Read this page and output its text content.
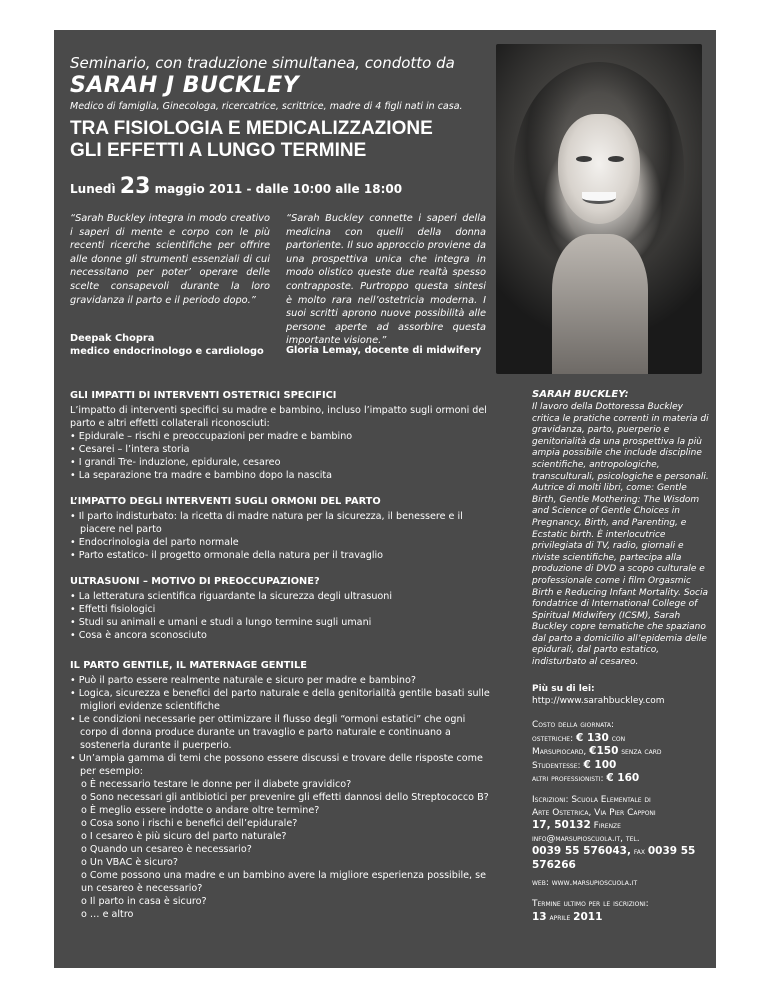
Seminario, con traduzione simultanea, condotto da
SARAH J BUCKLEY
Medico di famiglia, Ginecologa, ricercatrice, scrittrice, madre di 4 figli nati in casa.
TRA FISIOLOGIA E MEDICALIZZAZIONE
GLI EFFETTI A LUNGO TERMINE
Lunedì 23 maggio 2011 - dalle 10:00 alle 18:00
“Sarah Buckley integra in modo creativo i saperi di mente e corpo con le più recenti ricerche scientifiche per offrire alle donne gli strumenti essenziali di cui necessitano per poter’ operare delle scelte consapevoli durante la loro gravidanza il parto e il periodo dopo.”
Deepak Chopra
medico endocrinologo e cardiologo
“Sarah Buckley connette i saperi della medicina con quelli della donna partoriente. Il suo approccio proviene da una prospettiva unica che integra in modo olistico queste due realtà spesso contrapposte. Purtroppo questa sintesi è molto rara nell’ostetricia moderna. I suoi scritti aprono nuove possibilità alle persone aperte ad assorbire questa importante visione.”
Gloria Lemay, docente di midwifery
GLI IMPATTI DI INTERVENTI OSTETRICI SPECIFICI

L’impatto di interventi specifici su madre e bambino, incluso l’impatto sugli ormoni del parto e altri effetti collaterali riconosciuti:

• Epidurale – rischi e preoccupazioni per madre e bambino
• Cesarei – l’intera storia
• I grandi Tre- induzione, epidurale, cesareo
• La separazione tra madre e bambino dopo la nascita
L’IMPATTO DEGLI INTERVENTI SUGLI ORMONI DEL PARTO
• Il parto indisturbato: la ricetta di madre natura per la sicurezza, il benessere e il piacere nel parto
• Endocrinologia del parto normale
• Parto estatico- il progetto ormonale della natura per il travaglio
ULTRASUONI – MOTIVO DI PREOCCUPAZIONE?
• La letteratura scientifica riguardante la sicurezza degli ultrasuoni
• Effetti fisiologici
• Studi su animali e umani e studi a lungo termine sugli umani
• Cosa è ancora sconosciuto
IL PARTO GENTILE, IL MATERNAGE GENTILE
• Può il parto essere realmente naturale e sicuro per madre e bambino?
• Logica, sicurezza e benefici del parto naturale e della genitorialità gentile basati sulle migliori evidenze scientifiche
• Le condizioni necessarie per ottimizzare il flusso degli “ormoni estatici” che ogni corpo di donna produce durante un travaglio e parto naturale e continuano a sostenerla durante il puerperio.
• Un’ampia gamma di temi che possono essere discussi e trovare delle risposte come per esempio:
o È necessario testare le donne per il diabete gravidico?
o Sono necessari gli antibiotici per prevenire gli effetti dannosi dello Streptococco B?
o È meglio essere indotte o andare oltre termine?
o Cosa sono i rischi e benefici dell’epidurale?
o I cesareo è più sicuro del parto naturale?
o Quando un cesareo è necessario?
o Un VBAC è sicuro?
o Come possono una madre e un bambino avere la migliore esperienza possibile, se un cesareo è necessario?
o Il parto in casa è sicuro?
o … e altro
SARAH BUCKLEY:
Il lavoro della Dottoressa Buckley critica le pratiche correnti in materia di gravidanza, parto, puerperio e genitorialità da una prospettiva la più ampia possibile che include discipline scientifiche, antropologiche, transculturali, psicologiche e personali. Autrice di molti libri, come: Gentle Birth, Gentle Mothering: The Wisdom and Science of Gentle Choices in Pregnancy, Birth, and Parenting, e Ecstatic birth. È interlocutrice privilegiata di TV, radio, giornali e riviste scientifiche, partecipa alla produzione di DVD a scopo culturale e professionale come i film Orgasmic Birth e Reducing Infant Mortality. Socia fondatrice di International College of Spiritual Midwifery (ICSM), Sarah Buckley copre tematiche che spaziano dal parto a domicilio all’epidemia delle epidurali, dal parto estatico, indisturbato al cesareo.
Più su di lei: http://www.sarahbuckley.com
Costo della giornata:
ostetriche: € 130 con
Marsupiocard, €150 senza card
Studentesse: € 100
altri professionisti: € 160
Iscrizioni: Scuola Elementale di
Arte Ostetrica, Via Pier Capponi
17, 50132 Firenze
info@marsupioscuola.it, tel.
0039 55 576043, fax 0039 55
576266
web: www.marsupioscuola.it
Termine ultimo per le iscrizioni:
13 aprile 2011
